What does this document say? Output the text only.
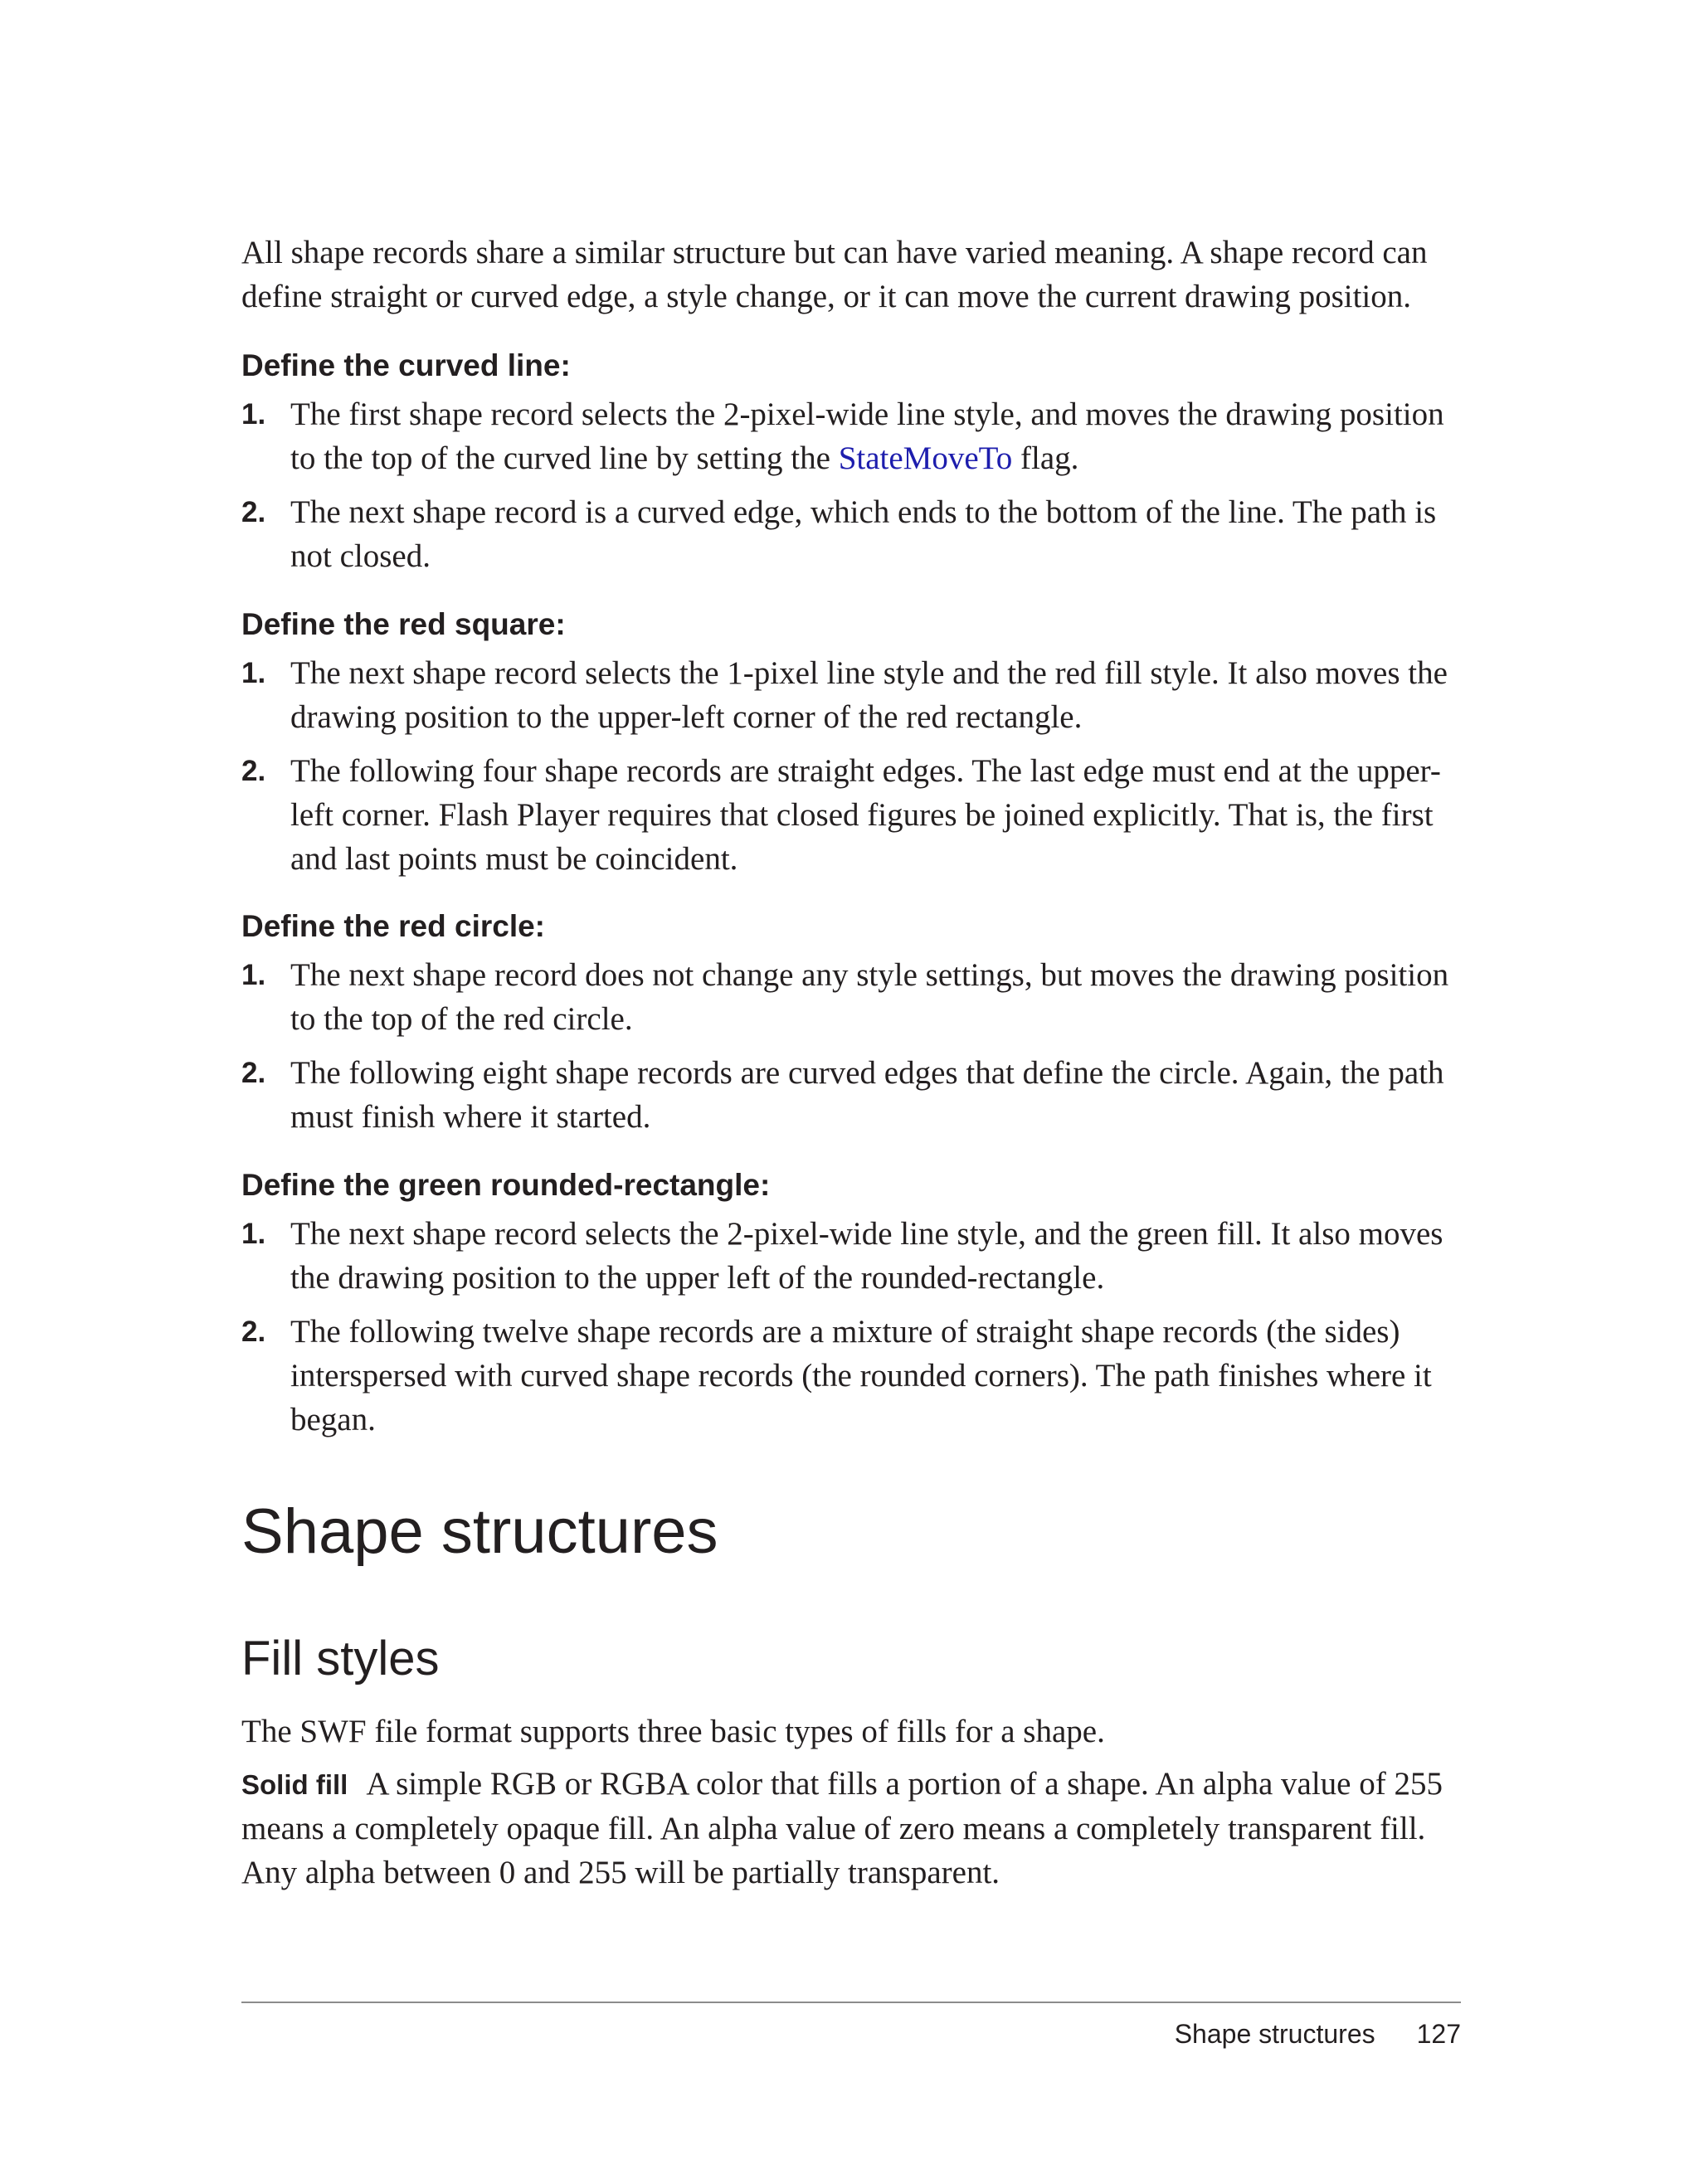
All shape records share a similar structure but can have varied meaning. A shape record can define straight or curved edge, a style change, or it can move the current drawing position.

Define the curved line:
1. The first shape record selects the 2-pixel-wide line style, and moves the drawing position to the top of the curved line by setting the StateMoveTo flag.
2. The next shape record is a curved edge, which ends to the bottom of the line. The path is not closed.
Define the red square:
1. The next shape record selects the 1-pixel line style and the red fill style. It also moves the drawing position to the upper-left corner of the red rectangle.
2. The following four shape records are straight edges. The last edge must end at the upper-left corner. Flash Player requires that closed figures be joined explicitly. That is, the first and last points must be coincident.
Define the red circle:
1. The next shape record does not change any style settings, but moves the drawing position to the top of the red circle.
2. The following eight shape records are curved edges that define the circle. Again, the path must finish where it started.
Define the green rounded-rectangle:
1. The next shape record selects the 2-pixel-wide line style, and the green fill. It also moves the drawing position to the upper left of the rounded-rectangle.
2. The following twelve shape records are a mixture of straight shape records (the sides) interspersed with curved shape records (the rounded corners). The path finishes where it began.
Shape structures
Fill styles

The SWF file format supports three basic types of fills for a shape.

Solid fill A simple RGB or RGBA color that fills a portion of a shape. An alpha value of 255 means a completely opaque fill. An alpha value of zero means a completely transparent fill. Any alpha between 0 and 255 will be partially transparent.

Shape structures 127
